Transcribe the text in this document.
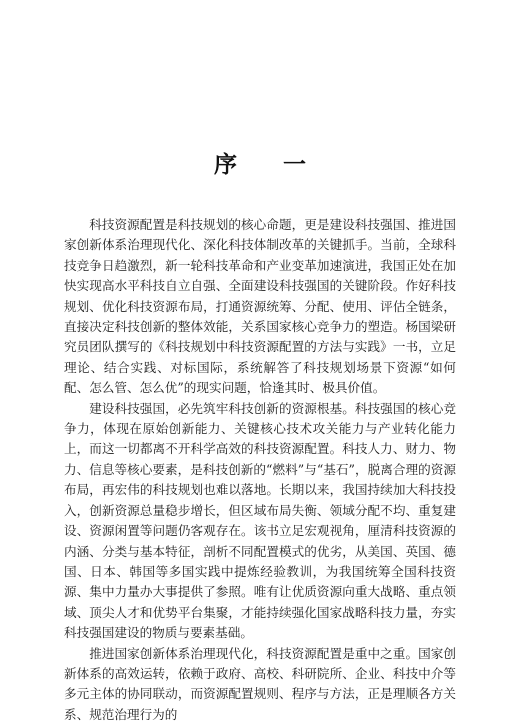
序 一

科技资源配置是科技规划的核心命题，更是建设科技强国、推进国家创新体系治理现代化、深化科技体制改革的关键抓手。当前，全球科技竞争日趋激烈，新一轮科技革命和产业变革加速演进，我国正处在加快实现高水平科技自立自强、全面建设科技强国的关键阶段。作好科技规划、优化科技资源布局，打通资源统筹、分配、使用、评估全链条，直接决定科技创新的整体效能，关系国家核心竞争力的塑造。杨国梁研究员团队撰写的《科技规划中科技资源配置的方法与实践》一书，立足理论、结合实践、对标国际，系统解答了科技规划场景下资源“如何配、怎么管、怎么优”的现实问题，恰逢其时、极具价值。

建设科技强国，必先筑牢科技创新的资源根基。科技强国的核心竞争力，体现在原始创新能力、关键核心技术攻关能力与产业转化能力上，而这一切都离不开科学高效的科技资源配置。科技人力、财力、物力、信息等核心要素，是科技创新的“燃料”与“基石”，脱离合理的资源布局，再宏伟的科技规划也难以落地。长期以来，我国持续加大科技投入，创新资源总量稳步增长，但区域布局失衡、领域分配不均、重复建设、资源闲置等问题仍客观存在。该书立足宏观视角，厘清科技资源的内涵、分类与基本特征，剖析不同配置模式的优劣，从美国、英国、德国、日本、韩国等多国实践中提炼经验教训，为我国统筹全国科技资源、集中力量办大事提供了参照。唯有让优质资源向重大战略、重点领域、顶尖人才和优势平台集聚，才能持续强化国家战略科技力量，夯实科技强国建设的物质与要素基础。

推进国家创新体系治理现代化，科技资源配置是重中之重。国家创新体系的高效运转，依赖于政府、高校、科研院所、企业、科技中介等多元主体的协同联动，而资源配置规则、程序与方法，正是理顺各方关系、规范治理行为的
